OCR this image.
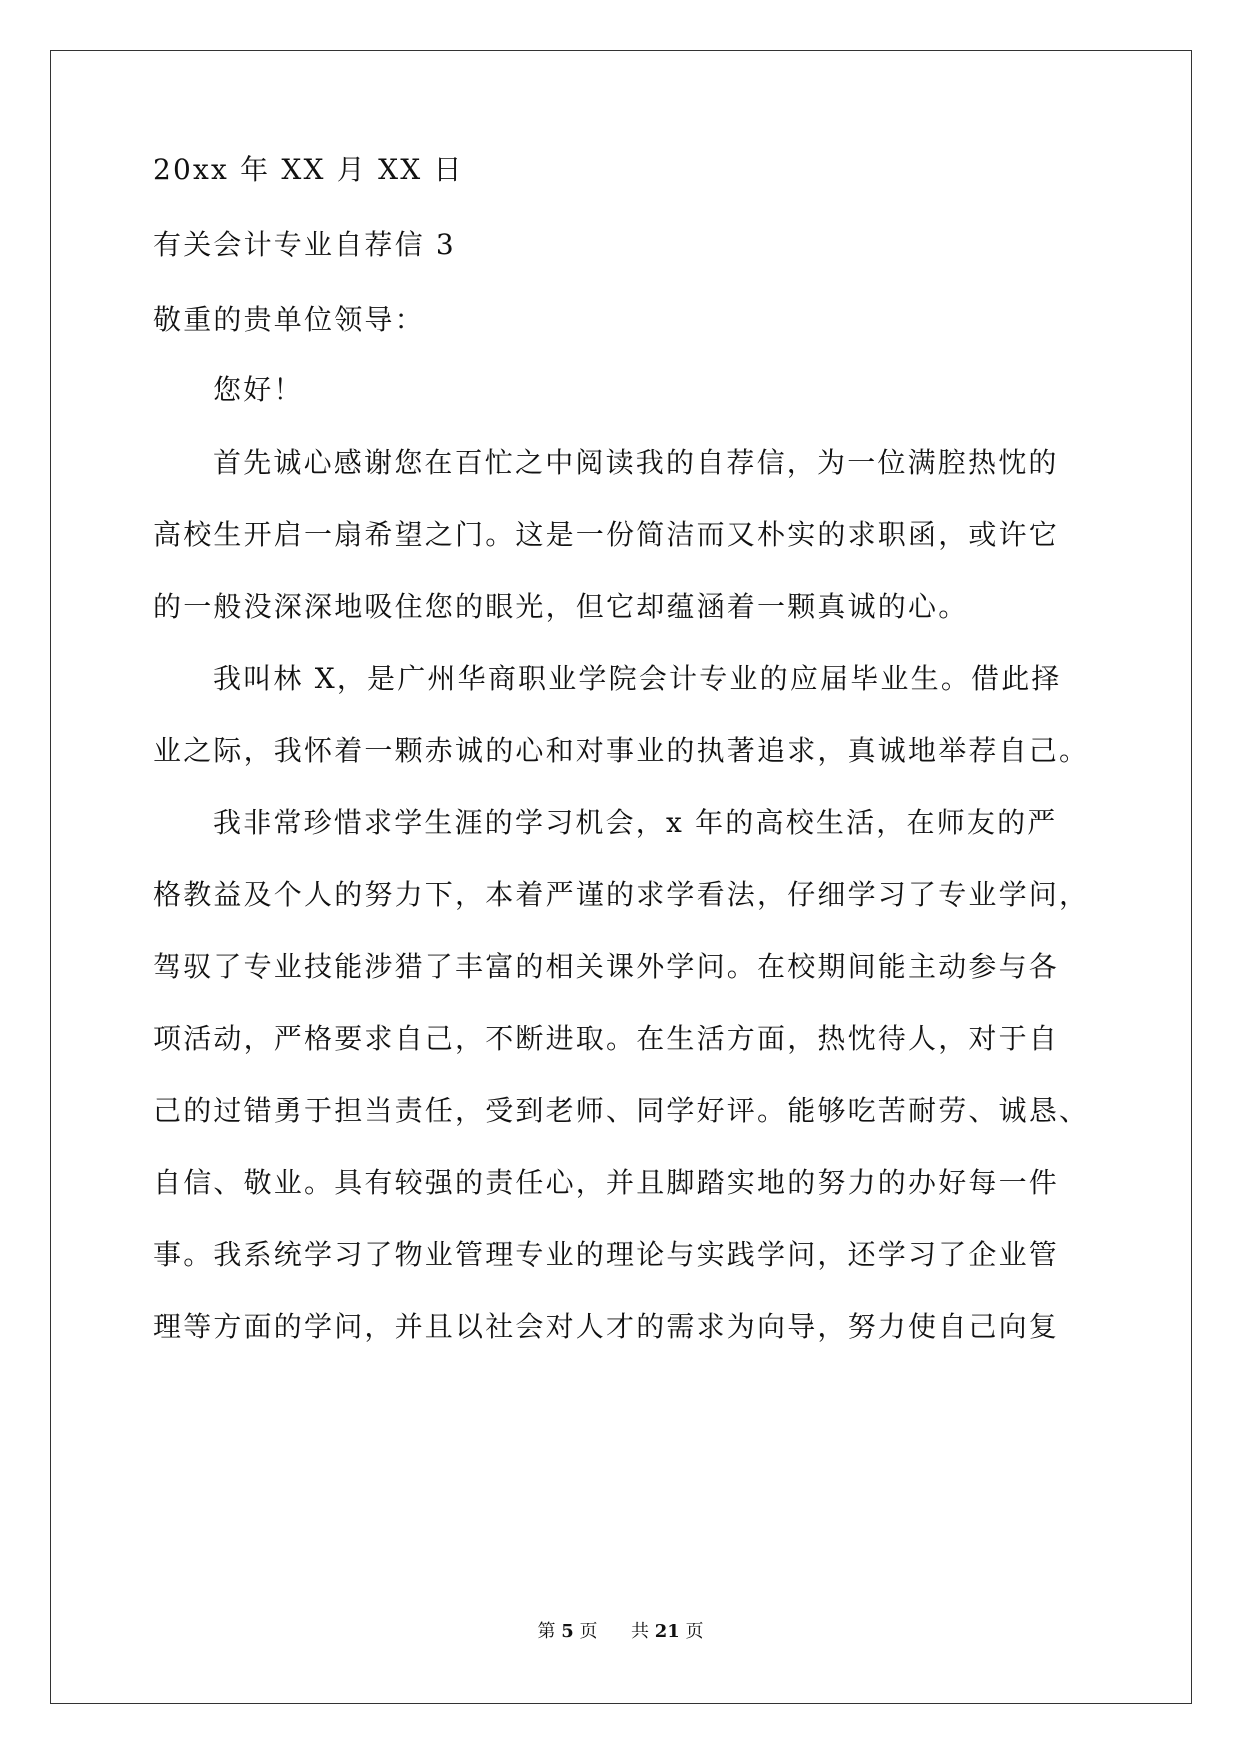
20xx 年 XX 月 XX 日
有关会计专业自荐信 3
敬重的贵单位领导：
您好！
首先诚心感谢您在百忙之中阅读我的自荐信，为一位满腔热忱的
高校生开启一扇希望之门。这是一份简洁而又朴实的求职函，或许它
的一般没深深地吸住您的眼光，但它却蕴涵着一颗真诚的心。
我叫林 X，是广州华商职业学院会计专业的应届毕业生。借此择
业之际，我怀着一颗赤诚的心和对事业的执著追求，真诚地举荐自己。
我非常珍惜求学生涯的学习机会，x 年的高校生活，在师友的严
格教益及个人的努力下，本着严谨的求学看法，仔细学习了专业学问，
驾驭了专业技能涉猎了丰富的相关课外学问。在校期间能主动参与各
项活动，严格要求自己，不断进取。在生活方面，热忱待人，对于自
己的过错勇于担当责任，受到老师、同学好评。能够吃苦耐劳、诚恳、
自信、敬业。具有较强的责任心，并且脚踏实地的努力的办好每一件
事。我系统学习了物业管理专业的理论与实践学问，还学习了企业管
理等方面的学问，并且以社会对人才的需求为向导，努力使自己向复
第 5 页 共 21 页
